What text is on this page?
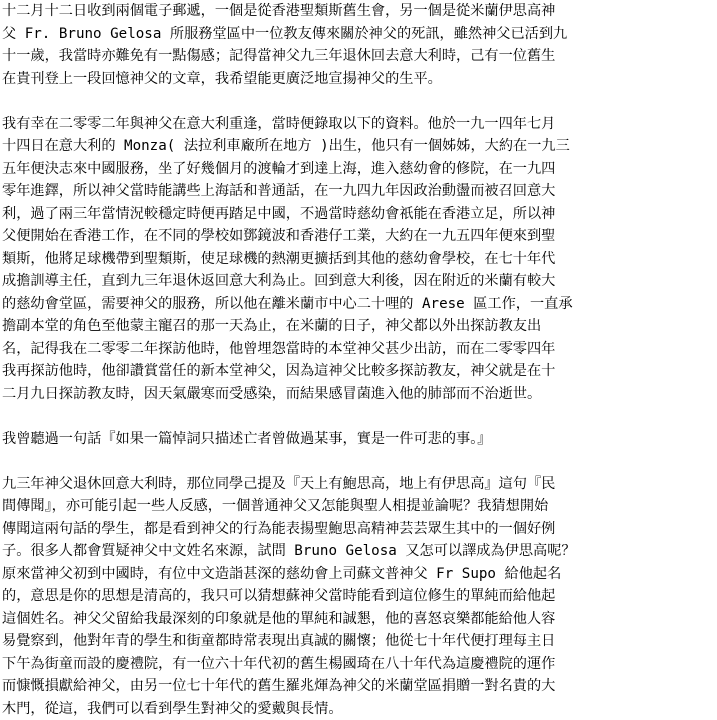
十二月十二日收到兩個電子郵遞，一個是從香港聖類斯舊生會，另一個是從米蘭伊思高神
父 Fr. Bruno Gelosa 所服務堂區中一位教友傳來關於神父的死訊，雖然神父已活到九
十一歲，我當時亦難免有一點傷感；記得當神父九三年退休回去意大利時，己有一位舊生
在貴刊登上一段回憶神父的文章，我希望能更廣泛地宣揚神父的生平。
我有幸在二零零二年與神父在意大利重逢，當時便錄取以下的資料。他於一九一四年七月
十四日在意大利的 Monza( 法拉利車廠所在地方 )出生，他只有一個姊姊，大約在一九三
五年便決志來中國服務，坐了好幾個月的渡輪才到達上海，進入慈幼會的修院，在一九四
零年進鐸，所以神父當時能講些上海話和普通話，在一九四九年因政治動盪而被召回意大
利，過了兩三年當情況較穩定時便再踏足中國，不過當時慈幼會祇能在香港立足，所以神
父便開始在香港工作，在不同的學校如鄧鏡波和香港仔工業，大約在一九五四年便來到聖
類斯，他將足球機帶到聖類斯，使足球機的熱潮更擴括到其他的慈幼會學校，在七十年代
成擔訓導主任，直到九三年退休返回意大利為止。回到意大利後，因在附近的米蘭有較大
的慈幼會堂區，需要神父的服務，所以他在離米蘭市中心二十哩的 Arese 區工作，一直承
擔副本堂的角色至他蒙主寵召的那一天為止，在米蘭的日子，神父都以外出探訪教友出
名，記得我在二零零二年探訪他時，他曾埋怨當時的本堂神父甚少出訪，而在二零零四年
我再探訪他時，他卻讚賞當任的新本堂神父，因為這神父比較多探訪教友，神父就是在十
二月九日探訪教友時，因天氣嚴寒而受感染，而結果感冒菌進入他的肺部而不治逝世。
我曾聽過一句話『如果一篇悼詞只描述亡者曾做過某事，實是一件可悲的事。』
九三年神父退休回意大利時，那位同學己提及『天上有鮑思高，地上有伊思高』這句『民
間傳聞』，亦可能引起一些人反感，一個普通神父又怎能與聖人相提並論呢？我猜想開始
傳聞這兩句話的學生，都是看到神父的行為能表揚聖鮑思高精神芸芸眾生其中的一個好例
子。很多人都會質疑神父中文姓名來源，試問 Bruno Gelosa 又怎可以譯成為伊思高呢？
原來當神父初到中國時，有位中文造詣甚深的慈幼會上司蘇文普神父 Fr Supo 給他起名
的，意思是你的思想是清高的，我只可以猜想蘇神父當時能看到這位修生的單純而給他起
這個姓名。神父父留給我最深刻的印象就是他的單純和誠懇，他的喜怒哀樂都能給他人容
易覺察到，他對年青的學生和街童都時常表現出真誠的關懷；他從七十年代便打理每主日
下午為街童而設的慶禮院，有一位六十年代初的舊生楊國琦在八十年代為這慶禮院的運作
而慷慨損獻給神父，由另一位七十年代的舊生羅兆煇為神父的米蘭堂區捐贈一對名貴的大
木門，從這，我們可以看到學生對神父的愛戴與長情。
